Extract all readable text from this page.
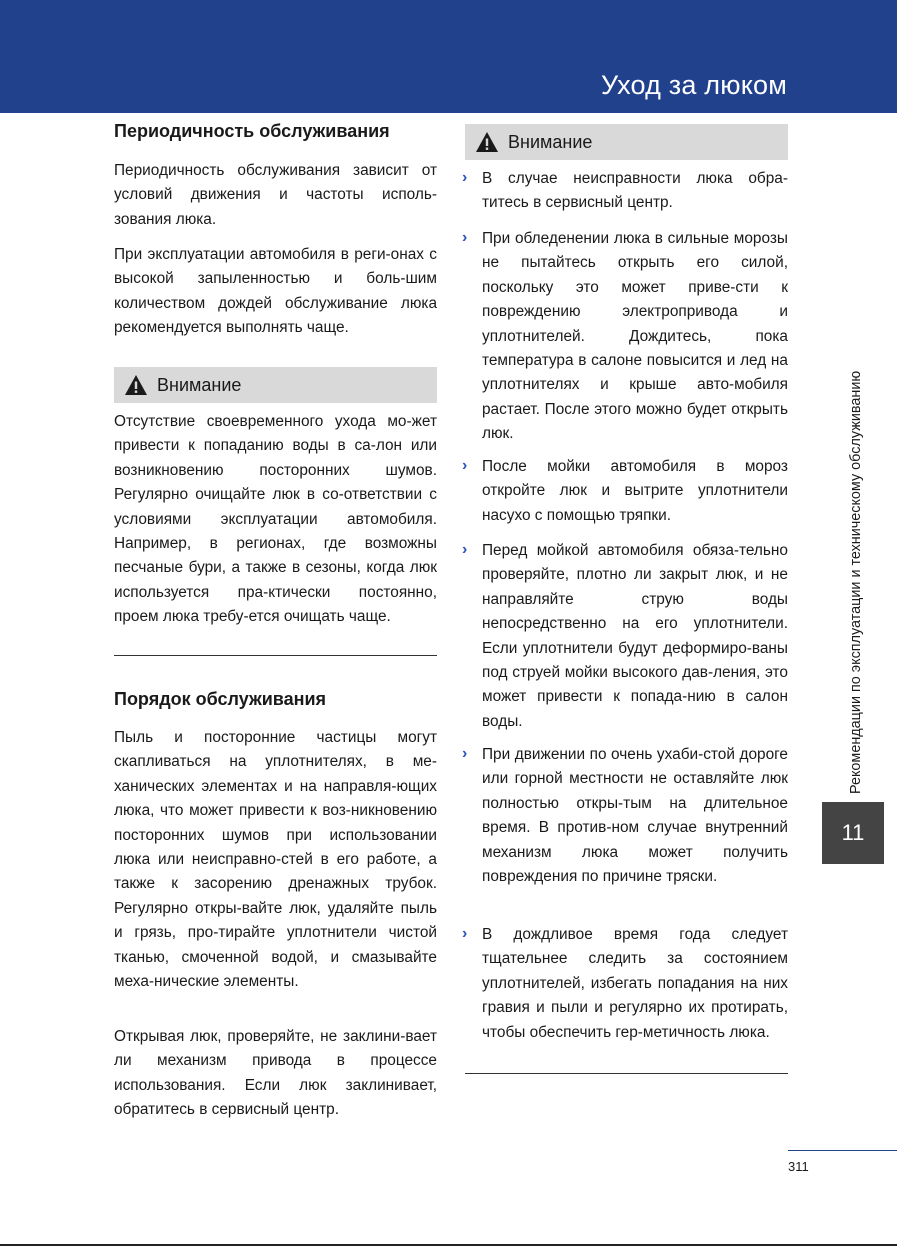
Уход за люком
Периодичность обслуживания
Периодичность обслуживания зависит от условий движения и частоты исполь-зования люка.
При эксплуатации автомобиля в реги-онах с высокой запыленностью и боль-шим количеством дождей обслуживание люка рекомендуется выполнять чаще.
Внимание
Отсутствие своевременного ухода мо-жет привести к попаданию воды в са-лон или возникновению посторонних шумов. Регулярно очищайте люк в со-ответствии с условиями эксплуатации автомобиля. Например, в регионах, где возможны песчаные бури, а также в сезоны, когда люк используется пра-ктически постоянно, проем люка требу-ется очищать чаще.
Порядок обслуживания
Пыль и посторонние частицы могут скапливаться на уплотнителях, в ме-ханических элементах и на направля-ющих люка, что может привести к воз-никновению посторонних шумов при использовании люка или неисправно-стей в его работе, а также к засорению дренажных трубок. Регулярно откры-вайте люк, удаляйте пыль и грязь, про-тирайте уплотнители чистой тканью, смоченной водой, и смазывайте меха-нические элементы.
Открывая люк, проверяйте, не заклини-вает ли механизм привода в процессе использования. Если люк заклинивает, обратитесь в сервисный центр.
Внимание
› В случае неисправности люка обра-титесь в сервисный центр.
› При обледенении люка в сильные морозы не пытайтесь открыть его силой, поскольку это может приве-сти к повреждению электропривода и уплотнителей. Дождитесь, пока температура в салоне повысится и лед на уплотнителях и крыше авто-мобиля растает. После этого можно будет открыть люк.
› После мойки автомобиля в мороз откройте люк и вытрите уплотнители насухо с помощью тряпки.
› Перед мойкой автомобиля обяза-тельно проверяйте, плотно ли закрыт люк, и не направляйте струю воды непосредственно на его уплотнители. Если уплотнители будут деформиро-ваны под струей мойки высокого дав-ления, это может привести к попада-нию в салон воды.
› При движении по очень ухаби-стой дороге или горной местности не оставляйте люк полностью откры-тым на длительное время. В против-ном случае внутренний механизм люка может получить повреждения по причине тряски.
› В дождливое время года следует тщательнее следить за состоянием уплотнителей, избегать попадания на них гравия и пыли и регулярно их протирать, чтобы обеспечить гер-метичность люка.
Рекомендации по эксплуатации и техническому обслуживанию
11
311
